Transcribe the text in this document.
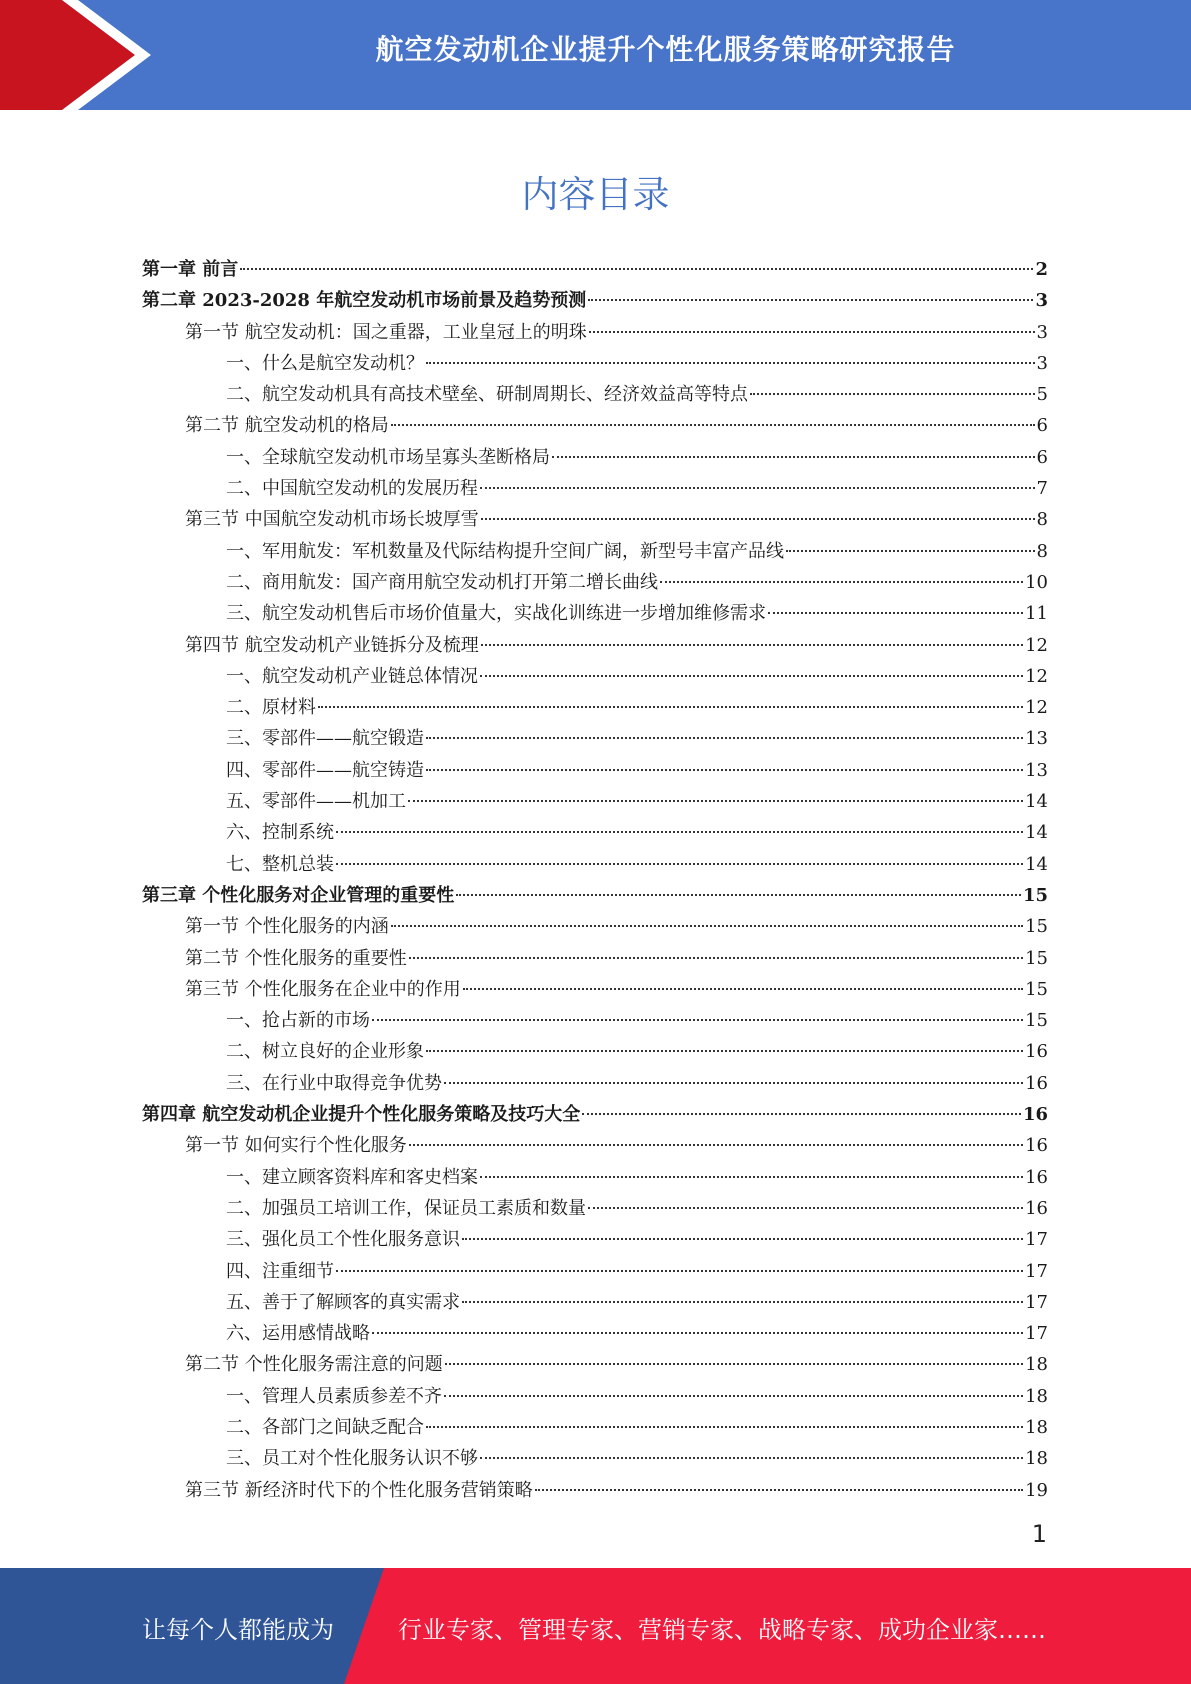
航空发动机企业提升个性化服务策略研究报告
内容目录
第一章 前言	2
第二章 2023-2028 年航空发动机市场前景及趋势预测	3
第一节 航空发动机：国之重器，工业皇冠上的明珠	3
一、什么是航空发动机？	3
二、航空发动机具有高技术壁垒、研制周期长、经济效益高等特点	5
第二节 航空发动机的格局	6
一、全球航空发动机市场呈寡头垄断格局	6
二、中国航空发动机的发展历程	7
第三节 中国航空发动机市场长坡厚雪	8
一、军用航发：军机数量及代际结构提升空间广阔，新型号丰富产品线	8
二、商用航发：国产商用航空发动机打开第二增长曲线	10
三、航空发动机售后市场价值量大，实战化训练进一步增加维修需求	11
第四节 航空发动机产业链拆分及梳理	12
一、航空发动机产业链总体情况	12
二、原材料	12
三、零部件——航空锻造	13
四、零部件——航空铸造	13
五、零部件——机加工	14
六、控制系统	14
七、整机总装	14
第三章 个性化服务对企业管理的重要性	15
第一节 个性化服务的内涵	15
第二节 个性化服务的重要性	15
第三节 个性化服务在企业中的作用	15
一、抢占新的市场	15
二、树立良好的企业形象	16
三、在行业中取得竞争优势	16
第四章 航空发动机企业提升个性化服务策略及技巧大全	16
第一节 如何实行个性化服务	16
一、建立顾客资料库和客史档案	16
二、加强员工培训工作，保证员工素质和数量	16
三、强化员工个性化服务意识	17
四、注重细节	17
五、善于了解顾客的真实需求	17
六、运用感情战略	17
第二节 个性化服务需注意的问题	18
一、管理人员素质参差不齐	18
二、各部门之间缺乏配合	18
三、员工对个性化服务认识不够	18
第三节 新经济时代下的个性化服务营销策略	19
1
让每个人都能成为	行业专家、管理专家、营销专家、战略专家、成功企业家……
